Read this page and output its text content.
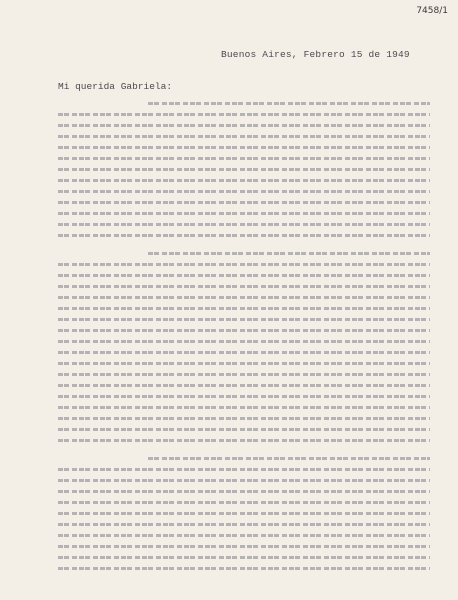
7458/1
Buenos Aires, Febrero 15 de 1949
Mi querida Gabriela:
